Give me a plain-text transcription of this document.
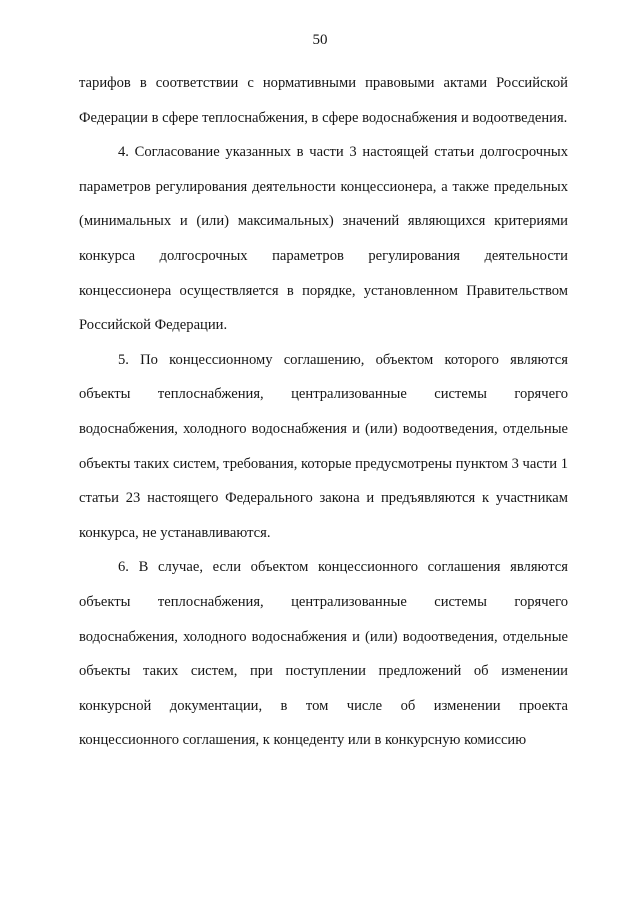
50

тарифов в соответствии с нормативными правовыми актами Российской Федерации в сфере теплоснабжения, в сфере водоснабжения и водоотведения.

4. Согласование указанных в части 3 настоящей статьи долгосрочных параметров регулирования деятельности концессионера, а также предельных (минимальных и (или) максимальных) значений являющихся критериями конкурса долгосрочных параметров регулирования деятельности концессионера осуществляется в порядке, установленном Правительством Российской Федерации.

5. По концессионному соглашению, объектом которого являются объекты теплоснабжения, централизованные системы горячего водоснабжения, холодного водоснабжения и (или) водоотведения, отдельные объекты таких систем, требования, которые предусмотрены пунктом 3 части 1 статьи 23 настоящего Федерального закона и предъявляются к участникам конкурса, не устанавливаются.

6. В случае, если объектом концессионного соглашения являются объекты теплоснабжения, централизованные системы горячего водоснабжения, холодного водоснабжения и (или) водоотведения, отдельные объекты таких систем, при поступлении предложений об изменении конкурсной документации, в том числе об изменении проекта концессионного соглашения, к концеденту или в конкурсную комиссию
